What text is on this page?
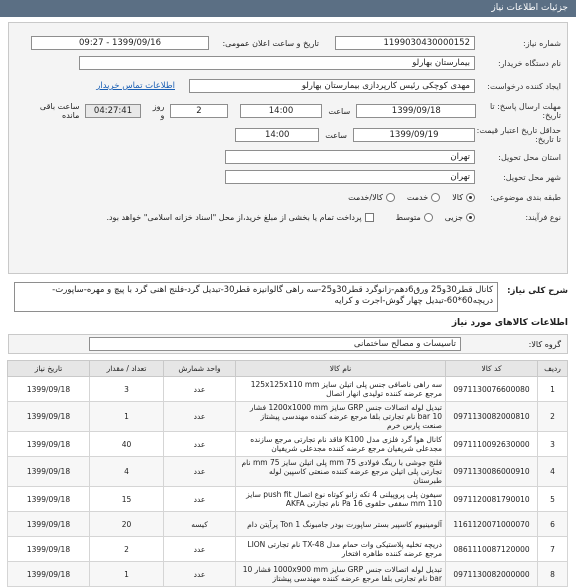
جزئیات اطلاعات نیاز
شماره نیاز:
1199030430000152
تاریخ و ساعت اعلان عمومی:
1399/09/16 - 09:27
نام دستگاه خریدار:
بیمارستان بهارلو
ایجاد کننده درخواست:
مهدی کوچکی رئیس کارپردازی بیمارستان بهارلو
اطلاعات تماس خریدار
مهلت ارسال پاسخ: تا تاریخ:
1399/09/18
ساعت
14:00
2
روز و
04:27:41
ساعت باقی مانده
حداقل تاریخ اعتبار قیمت: تا تاریخ:
1399/09/19
ساعت
14:00
استان محل تحویل:
تهران
شهر محل تحویل:
تهران
طبقه بندی موضوعی:
کالا
خدمت
کالا/خدمت
نوع فرآیند:
جزیی
متوسط
پرداخت تمام یا بخشی از مبلغ خرید،از محل "اسناد خزانه اسلامی" خواهد بود.
شرح کلی نیاز:
کانال قطر30و25 ورق6دهم-زانوگرد قطر30و25-سه راهی گالوانیزه قطر30-تبدیل گرد-فلنج اهنی گرد با پیچ و مهره-ساپورت-دریچه60*60-تبدیل چهار گوش-اجرت و کرایه
اطلاعات کالاهای مورد نیاز
گروه کالا:
تاسیسات و مصالح ساختمانی
ردیف	کد کالا	نام کالا	واحد شمارش	تعداد / مقدار	تاریخ نیاز
1	0971130076600080	سه راهی ناصافی جنس پلی اتیلن سایز 125x125x110 mm مرجع عرضه کننده تولیدی انهار اتصال	عدد	3	1399/09/18
2	0971130082000810	تبدیل لوله اتصالات جنس GRP سایز 1200x1000 mm فشار 10 bar نام تجارتی بلقا مرجع عرضه کننده مهندسی پیشتاز صنعت پارس خرم	عدد	1	1399/09/18
3	0971110092630000	کانال هوا گرد فلزی مدل K100 فاقد نام تجارتی مرجع سازنده مجدعلی شریفیان مرجع عرضه کننده مجدعلی شریفیان	عدد	40	1399/09/18
4	0971130086000910	فلنج جوشی با رینگ فولادی 75 mm پلی اتیلن سایز 75 mm نام تجارتی پلی اتیلن مرجع عرضه کننده صنعتی کاسپین لوله طبرستان	عدد	4	1399/09/18
5	0971120081790010	سیفون پلی پروپیلنی 4 تکه زانو کوتاه نوع اتصال push fit سایز 110 mm سقفی حلقوی Pa 16 نام تجارتی AKFA	عدد	15	1399/09/18
6	1161120071000070	آلومینیوم کاسپیر بستر ساپورت بودر جامبونگ Ton 1 پرآیتن دام	کیسه	20	1399/09/18
7	0861110087120000	دریچه تخلیه پلاستیکی وات حمام مدل TX-48 نام تجارتی LION مرجع عرضه کننده طاهره افتخار	عدد	2	1399/09/18
8	0971130082000000	تبدیل لوله اتصالات جنس GRP سایز 1000x900 mm فشار 10 bar نام تجارتی بلقا مرجع عرضه کننده مهندسی پیشتاز	عدد	1	1399/09/18
